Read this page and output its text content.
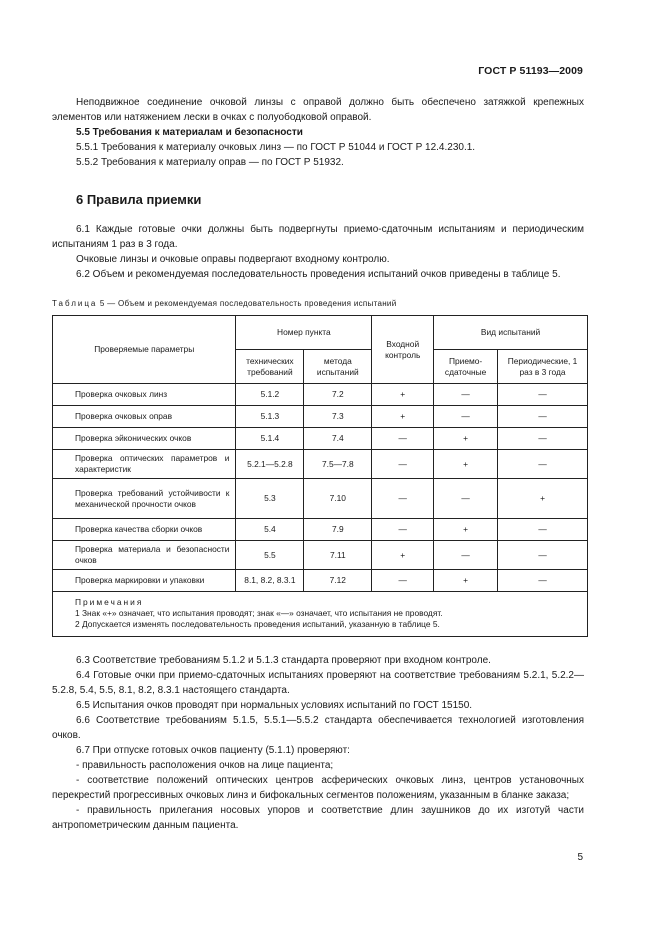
ГОСТ Р 51193—2009

Неподвижное соединение очковой линзы с оправой должно быть обеспечено затяжкой крепежных элементов или натяжением лески в очках с полуободковой оправой.

5.5 Требования к материалам и безопасности

5.5.1 Требования к материалу очковых линз — по ГОСТ Р 51044 и ГОСТ Р 12.4.230.1.

5.5.2 Требования к материалу оправ — по ГОСТ Р 51932.

6 Правила приемки

6.1 Каждые готовые очки должны быть подвергнуты приемо-сдаточным испытаниям и периодическим испытаниям 1 раз в 3 года.

Очковые линзы и очковые оправы подвергают входному контролю.

6.2 Объем и рекомендуемая последовательность проведения испытаний очков приведены в таблице 5.

Таблица 5 — Объем и рекомендуемая последовательность проведения испытаний
Проверяемые параметры	Номер пункта		Входной контроль	Вид испытаний	
	технических требований	метода испытаний		Приемо-сдаточные	Периодические, 1 раз в 3 года
Проверка очковых линз	5.1.2	7.2	+	—	—
Проверка очковых оправ	5.1.3	7.3	+	—	—
Проверка эйконических очков	5.1.4	7.4	—	+	—
Проверка оптических параметров и характеристик	5.2.1—5.2.8	7.5—7.8	—	+	—
Проверка требований устойчивости к механической прочности очков	5.3	7.10	—	—	+
Проверка качества сборки очков	5.4	7.9	—	+	—
Проверка материала и безопасности очков	5.5	7.11	+	—	—
Проверка маркировки и упаковки	8.1, 8.2, 8.3.1	7.12	—	+	—

Примечания
1 Знак «+» означает, что испытания проводят; знак «—» означает, что испытания не проводят.
2 Допускается изменять последовательность проведения испытаний, указанную в таблице 5.					

6.3 Соответствие требованиям 5.1.2 и 5.1.3 стандарта проверяют при входном контроле.

6.4 Готовые очки при приемо-сдаточных испытаниях проверяют на соответствие требованиям 5.2.1, 5.2.2—5.2.8, 5.4, 5.5, 8.1, 8.2, 8.3.1 настоящего стандарта.

6.5 Испытания очков проводят при нормальных условиях испытаний по ГОСТ 15150.

6.6 Соответствие требованиям 5.1.5, 5.5.1—5.5.2 стандарта обеспечивается технологией изготовления очков.

6.7 При отпуске готовых очков пациенту (5.1.1) проверяют:

- правильность расположения очков на лице пациента;

- соответствие положений оптических центров асферических очковых линз, центров установочных перекрестий прогрессивных очковых линз и бифокальных сегментов положениям, указанным в бланке заказа;

- правильность прилегания носовых упоров и соответствие длин заушников до их изготуй части антропометрическим данным пациента.

5
